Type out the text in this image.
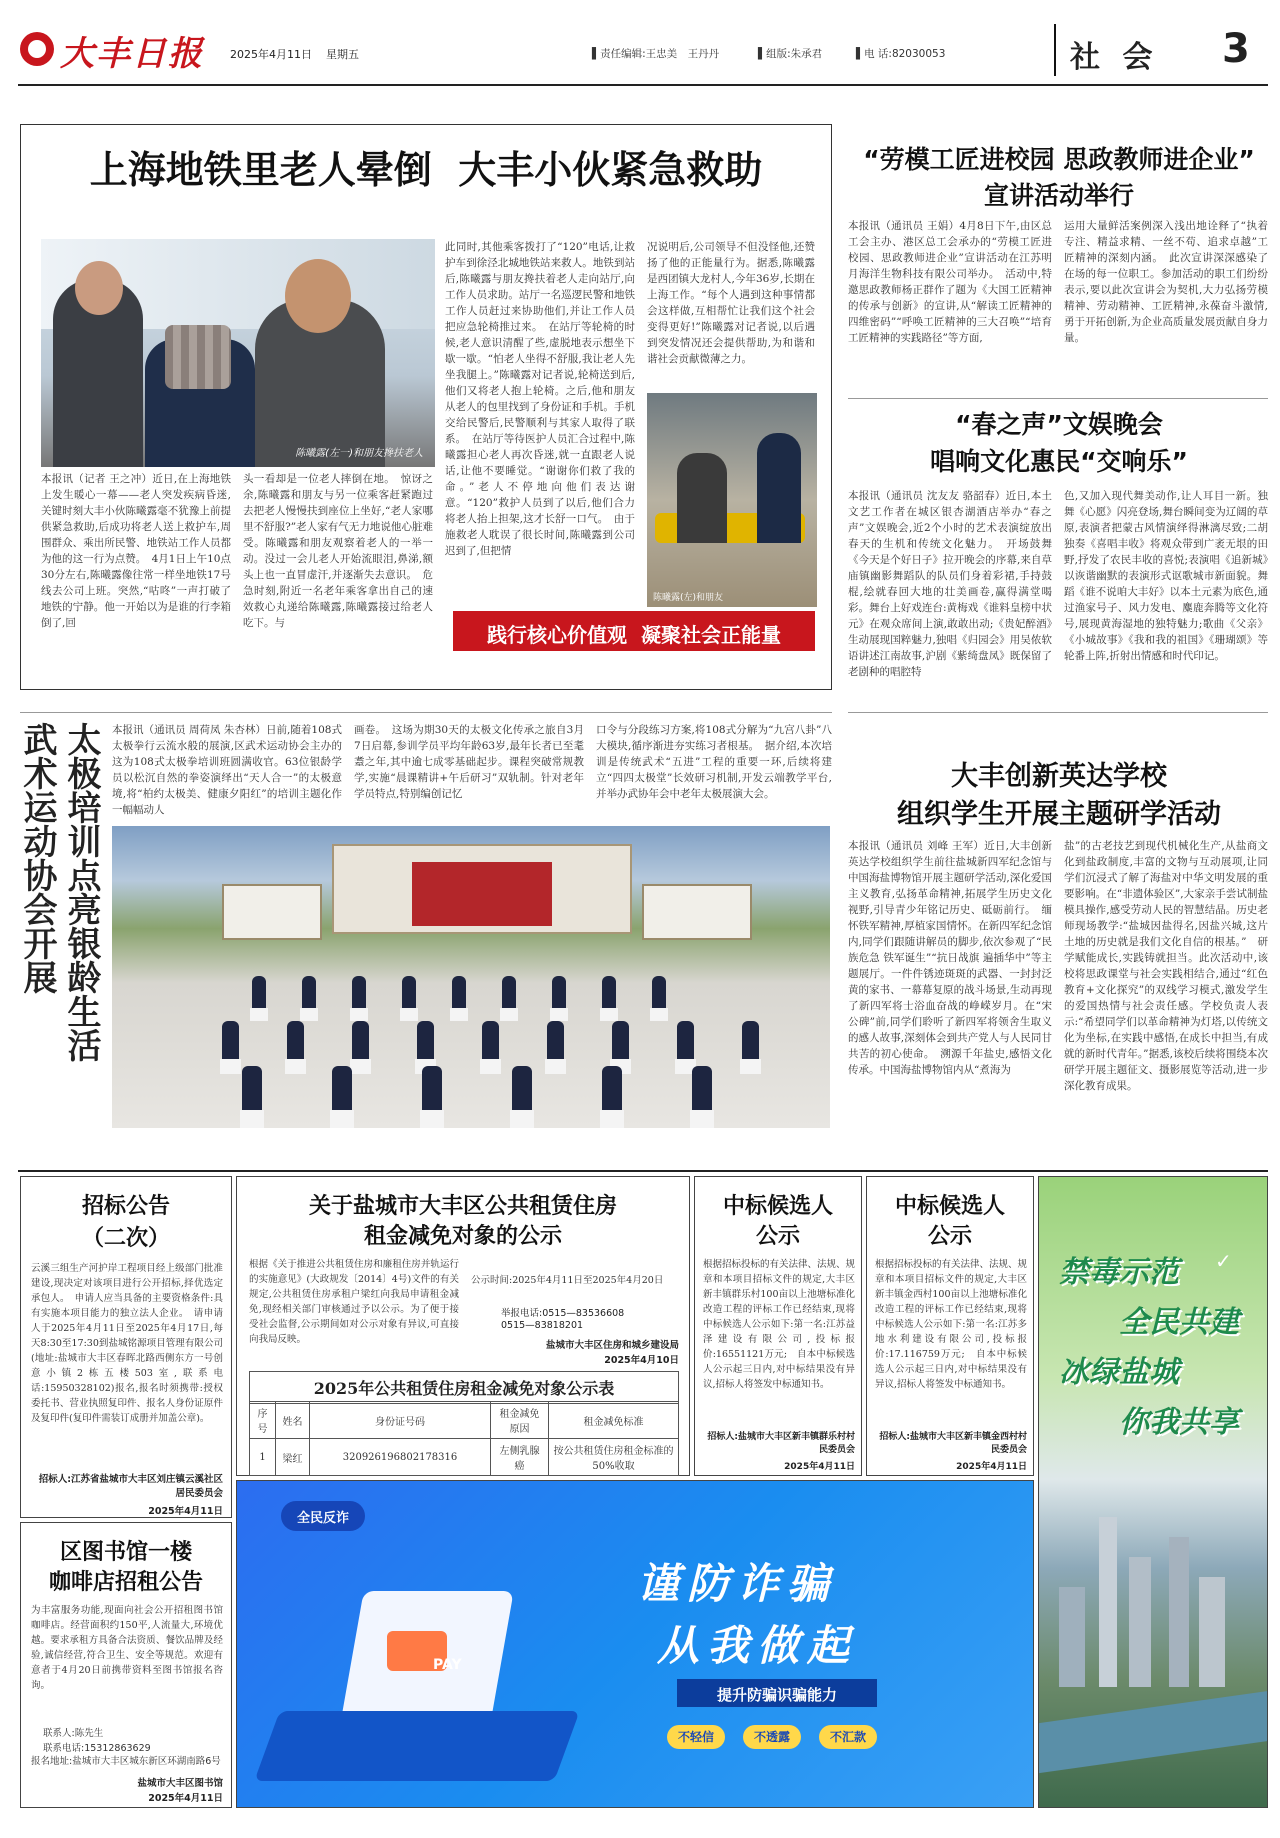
大丰日报 2025年4月11日 星期五	▌责任编辑:王忠美　王丹丹	▌组版:朱承君	▌电 话:82030053	社 会 3
上海地铁里老人晕倒  大丰小伙紧急救助
陈曦露(左一)和朋友搀扶老人
本报讯（记者 王之冲）近日,在上海地铁上发生暖心一幕——老人突发疾病昏迷,关键时刻大丰小伙陈曦露毫不犹豫上前提供紧急救助,后成功将老人送上救护车,周围群众、乘出所民警、地铁站工作人员都为他的这一行为点赞。　4月1日上午10点30分左右,陈曦露像往常一样坐地铁17号线去公司上班。突然,“咕咚”一声打破了地铁的宁静。他一开始以为是谁的行李箱倒了,回
头一看却是一位老人摔倒在地。　惊讶之余,陈曦露和朋友与另一位乘客赶紧跑过去把老人慢慢扶到座位上坐好,“老人家哪里不舒服?”老人家有气无力地说他心脏难受。陈曦露和朋友观察着老人的一举一动。没过一会儿老人开始流眼泪,鼻涕,额头上也一直冒虚汗,并逐渐失去意识。　危急时刻,附近一名老年乘客拿出自己的速效救心丸递给陈曦露,陈曦露接过给老人吃下。与
此同时,其他乘客拨打了“120”电话,让救护车到徐泾北城地铁站来救人。地铁到站后,陈曦露与朋友搀扶着老人走向站厅,向工作人员求助。站厅一名巡逻民警和地铁工作人员赶过来协助他们,并让工作人员把应急轮椅推过来。　在站厅等轮椅的时候,老人意识清醒了些,虚脱地表示想坐下歇一歇。“怕老人坐得不舒服,我让老人先坐我腿上。”陈曦露对记者说,轮椅送到后,他们又将老人抱上轮椅。之后,他和朋友从老人的包里找到了身份证和手机。手机交给民警后,民警顺利与其家人取得了联系。　在站厅等待医护人员汇合过程中,陈曦露担心老人再次昏迷,就一直跟老人说话,让他不要睡觉。“谢谢你们救了我的命。”老人不停地向他们表达谢意。“120”救护人员到了以后,他们合力将老人抬上担架,这才长舒一口气。　由于施救老人耽误了很长时间,陈曦露到公司迟到了,但把情
况说明后,公司领导不但没怪他,还赞扬了他的正能量行为。据悉,陈曦露是西团镇大龙村人,今年36岁,长期在上海工作。“每个人遇到这种事情都会这样做,互相帮忙让我们这个社会变得更好!”陈曦露对记者说,以后遇到突发情况还会提供帮助,为和谐和谐社会贡献微薄之力。
陈曦露(左)和朋友
践行核心价值观  凝聚社会正能量
“劳模工匠进校园 思政教师进企业”
宣讲活动举行
本报讯（通讯员 王娟）4月8日下午,由区总工会主办、港区总工会承办的“劳模工匠进校园、思政教师进企业”宣讲活动在江苏明月海洋生物科技有限公司举办。　活动中,特邀思政教师杨正群作了题为《大国工匠精神的传承与创新》的宣讲,从“解读工匠精神的四维密码”“呼唤工匠精神的三大召唤”“培育工匠精神的实践路径”等方面,
运用大量鲜活案例深入浅出地诠释了“执着专注、精益求精、一丝不苟、追求卓越”工匠精神的深刻内涵。　此次宣讲深深感染了在场的每一位职工。参加活动的职工们纷纷表示,要以此次宣讲会为契机,大力弘扬劳模精神、劳动精神、工匠精神,永葆奋斗激情,勇于开拓创新,为企业高质量发展贡献自身力量。
“春之声”文娱晚会
唱响文化惠民“交响乐”
本报讯（通讯员 沈友友 骆韶春）近日,本土文艺工作者在城区银杏湖酒店举办“春之声”文娱晚会,近2个小时的艺术表演绽放出春天的生机和传统文化魅力。　开场鼓舞《今天是个好日子》拉开晚会的序幕,来自草庙镇幽影舞蹈队的队员们身着彩裙,手持鼓棍,绘就春回大地的壮美画卷,赢得满堂喝彩。舞台上好戏连台:黄梅戏《谁料皇榜中状元》在观众席间上演,敢敢出动;《贵妃醉酒》生动展现国粹魅力,独唱《归园会》用吴侬软语讲述江南故事,沪剧《紫绮盘凤》既保留了老剧种的唱腔特
色,又加入现代舞美动作,让人耳目一新。独舞《心愿》闪亮登场,舞台瞬间变为辽阔的草原,表演者把蒙古风情演绎得淋漓尽致;二胡独奏《喜唱丰收》将观众带到广袤无垠的田野,抒发了农民丰收的喜悦;表演唱《追新城》以诙谐幽默的表演形式讴歌城市新面貌。舞蹈《谁不说咱大丰好》以本土元素为底色,通过渔家号子、风力发电、麋鹿奔腾等文化符号,展现黄海湿地的独特魅力;歌曲《父亲》《小城故事》《我和我的祖国》《珊瑚颂》等轮番上阵,折射出情感和时代印记。
太极培训点亮银龄生活
武术运动协会开展	本报讯（通讯员 周荷凤 朱杏林）日前,随着108式太极拳行云流水般的展演,区武术运动协会主办的这为108式太极拳培训班圆满收官。63位银龄学员以松沉自然的拳姿演绎出“天人合一”的太极意境,将“柏约太极美、健康夕阳红”的培训主题化作一幅幅动人
画卷。　这场为期30天的太极文化传承之旅自3月7日启幕,参训学员平均年龄63岁,最年长者已至耄耋之年,其中逾七成零基础起步。课程突破常规教学,实施“晨课精讲+午后研习”双轨制。针对老年学员特点,特别编创记忆
口令与分段练习方案,将108式分解为“九宫八卦”八大模块,循序渐进夯实练习者根基。　据介绍,本次培训是传统武术“五进”工程的重要一环,后续将建立“四四太极堂”长效研习机制,开发云端教学平台,并举办武协年会中老年太极展演大会。
大丰创新英达学校
组织学生开展主题研学活动
本报讯（通讯员 刘峰 王军）近日,大丰创新英达学校组织学生前往盐城新四军纪念馆与中国海盐博物馆开展主题研学活动,深化爱国主义教育,弘扬革命精神,拓展学生历史文化视野,引导青少年铭记历史、砥砺前行。　缅怀铁军精神,厚植家国情怀。在新四军纪念馆内,同学们跟随讲解员的脚步,依次参观了“民族危急 铁军诞生”“抗日战旗 遍插华中”等主题展厅。一件件锈迹斑斑的武器、一封封泛黄的家书、一幕幕复原的战斗场景,生动再现了新四军将士浴血奋战的峥嵘岁月。在“宋公碑”前,同学们聆听了新四军将领舍生取义的感人故事,深刻体会到共产党人与人民同甘共苦的初心使命。　溯源千年盐史,感悟文化传承。中国海盐博物馆内从“煮海为
盐”的古老技艺到现代机械化生产,从盐商文化到盐政制度,丰富的文物与互动展项,让同学们沉浸式了解了海盐对中华文明发展的重要影响。在“非遗体验区”,大家亲手尝试制盐模具操作,感受劳动人民的智慧结晶。历史老师现场教学:“盐城因盐得名,因盐兴城,这片土地的历史就是我们文化自信的根基。”　研学赋能成长,实践铸就担当。此次活动中,该校将思政课堂与社会实践相结合,通过“红色教育+文化探究”的双线学习模式,激发学生的爱国热情与社会责任感。学校负责人表示:“希望同学们以革命精神为灯塔,以传统文化为坐标,在实践中感悟,在成长中担当,有成就的新时代青年。”据悉,该校后续将围绕本次研学开展主题征文、摄影展览等活动,进一步深化教育成果。
招标公告
（二次）
云溪三组生产河护岸工程项目经上级部门批准建设,现决定对该项目进行公开招标,择优选定承包人。　申请人应当具备的主要资格条件:具有实施本项目能力的独立法人企业。　请申请人于2025年4月11日至2025年4月17日,每天8:30至17:30到盐城铭源项目管理有限公司(地址:盐城市大丰区春晖北路西侧东方一号创意小镇2栋五楼503室,联系电话:15950328102)报名,报名时须携带:授权委托书、营业执照复印件、报名人身份证原件及复印件(复印件需装订成册并加盖公章)。
招标人:江苏省盐城市大丰区刘庄镇云溪社区居民委员会
2025年4月11日
关于盐城市大丰区公共租赁住房
租金减免对象的公示
根据《关于推进公共租赁住房和廉租住房并轨运行的实施意见》(大政规发〔2014〕4号)文件的有关规定,公共租赁住房承租户梁红向我局申请租金减免,现经相关部门审核通过予以公示。为了便于接受社会监督,公示期间如对公示对象有异议,可直接向我局反映。
公示时间:2025年4月11日至2025年4月20日
举报电话:0515—83536608
0515—83818201
盐城市大丰区住房和城乡建设局
2025年4月10日
2025年公共租赁住房租金减免对象公示表
序号	姓名	身份证号码	租金减免原因	租金减免标准
1	梁红	320926196802178316	左侧乳腺癌	按公共租赁住房租金标准的50%收取
中标候选人
公示
根据招标投标的有关法律、法规、规章和本项目招标文件的规定,大丰区新丰镇群乐村100亩以上池塘标准化改造工程的评标工作已经结束,现将中标候选人公示如下:第一名:江苏益泽建设有限公司,投标报价:16551121万元;　自本中标候选人公示起三日内,对中标结果没有异议,招标人将签发中标通知书。
招标人:盐城市大丰区新丰镇群乐村村民委员会
2025年4月11日
中标候选人
公示
根据招标投标的有关法律、法规、规章和本项目招标文件的规定,大丰区新丰镇金西村100亩以上池塘标准化改造工程的评标工作已经结束,现将中标候选人公示如下:第一名:江苏多地水利建设有限公司,投标报价:17.116759万元;　自本中标候选人公示起三日内,对中标结果没有异议,招标人将签发中标通知书。
招标人:盐城市大丰区新丰镇金西村村民委员会
2025年4月11日
禁毒示范
全民共建
冰绿盐城
你我共享
✓
区图书馆一楼
咖啡店招租公告
为丰富服务功能,现面向社会公开招租图书馆咖啡店。经营面积约150平,人流量大,环境优越。要求承租方具备合法资质、餐饮品牌及经验,诚信经营,符合卫生、安全等规范。欢迎有意者于4月20日前携带资料至图书馆报名咨询。
联系人:陈先生
联系电话:15312863629
报名地址:盐城市大丰区城东新区环湖南路6号
盐城市大丰区图书馆
2025年4月11日
全民反诈
PAY
谨防诈骗
从我做起
提升防骗识骗能力
不轻信	不透露	不汇款
